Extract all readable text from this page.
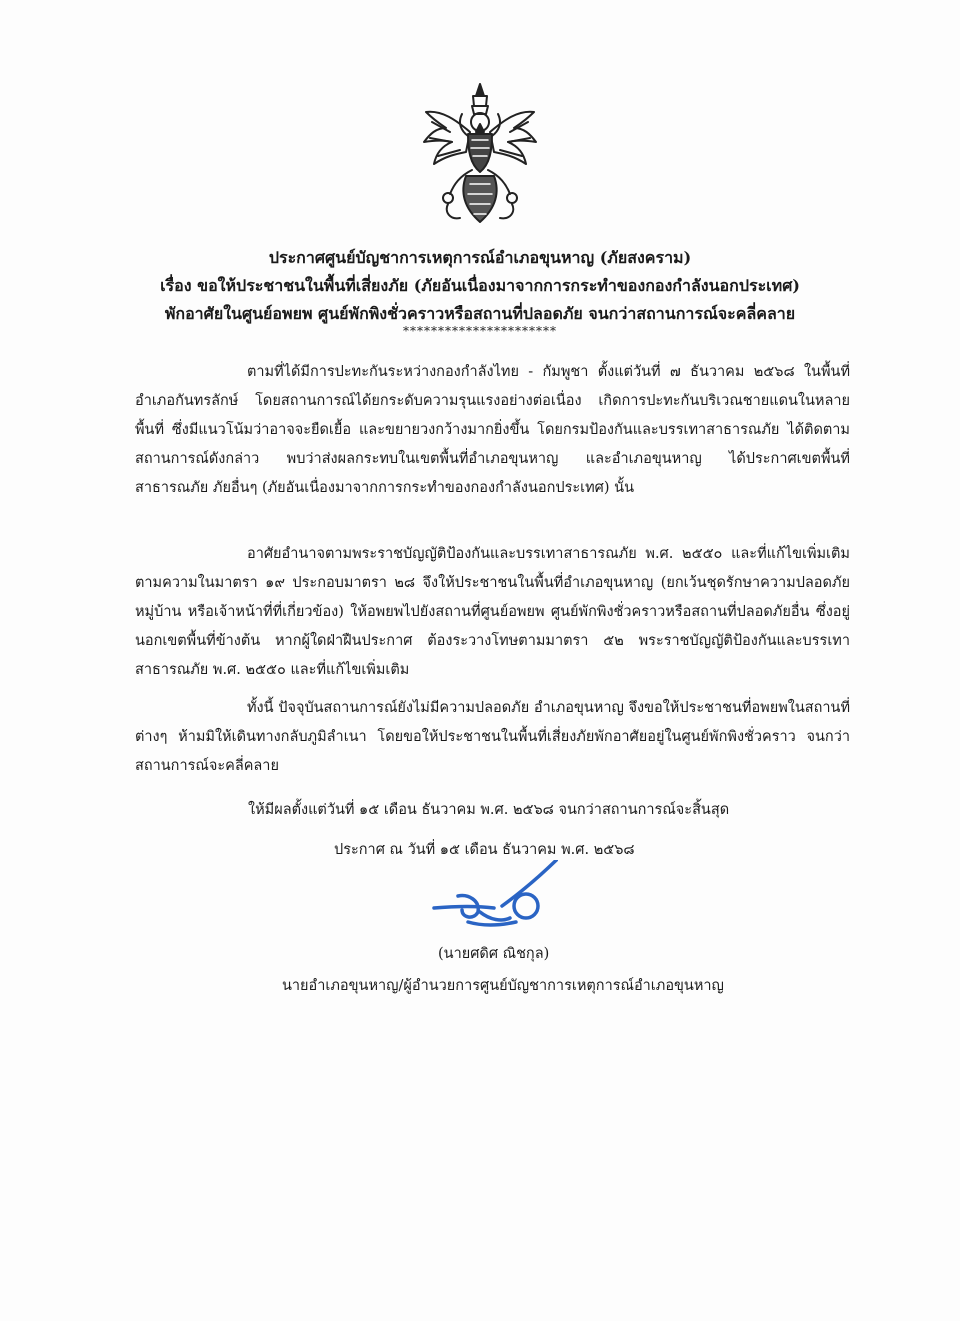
ประกาศศูนย์บัญชาการเหตุการณ์อำเภอขุนหาญ (ภัยสงคราม)
เรื่อง ขอให้ประชาชนในพื้นที่เสี่ยงภัย (ภัยอันเนื่องมาจากการกระทำของกองกำลังนอกประเทศ)
พักอาศัยในศูนย์อพยพ ศูนย์พักพิงชั่วคราวหรือสถานที่ปลอดภัย จนกว่าสถานการณ์จะคลี่คลาย
**********************
ตามที่ได้มีการปะทะกันระหว่างกองกำลังไทย - กัมพูชา ตั้งแต่วันที่ ๗ ธันวาคม ๒๕๖๘ ในพื้นที่อำเภอกันทรลักษ์ โดยสถานการณ์ได้ยกระดับความรุนแรงอย่างต่อเนื่อง เกิดการปะทะกันบริเวณชายแดนในหลายพื้นที่ ซึ่งมีแนวโน้มว่าอาจจะยืดเยื้อ และขยายวงกว้างมากยิ่งขึ้น โดยกรมป้องกันและบรรเทาสาธารณภัย ได้ติดตามสถานการณ์ดังกล่าว พบว่าส่งผลกระทบในเขตพื้นที่อำเภอขุนหาญ และอำเภอขุนหาญ ได้ประกาศเขตพื้นที่สาธารณภัย ภัยอื่นๆ (ภัยอันเนื่องมาจากการกระทำของกองกำลังนอกประเทศ) นั้น
อาศัยอำนาจตามพระราชบัญญัติป้องกันและบรรเทาสาธารณภัย พ.ศ. ๒๕๕๐ และที่แก้ไขเพิ่มเติม ตามความในมาตรา ๑๙ ประกอบมาตรา ๒๘ จึงให้ประชาชนในพื้นที่อำเภอขุนหาญ (ยกเว้นชุดรักษาความปลอดภัยหมู่บ้าน หรือเจ้าหน้าที่ที่เกี่ยวข้อง) ให้อพยพไปยังสถานที่ศูนย์อพยพ ศูนย์พักพิงชั่วคราวหรือสถานที่ปลอดภัยอื่น ซึ่งอยู่นอกเขตพื้นที่ข้างต้น หากผู้ใดฝ่าฝืนประกาศ ต้องระวางโทษตามมาตรา ๕๒ พระราชบัญญัติป้องกันและบรรเทาสาธารณภัย พ.ศ. ๒๕๕๐ และที่แก้ไขเพิ่มเติม
ทั้งนี้ ปัจจุบันสถานการณ์ยังไม่มีความปลอดภัย อำเภอขุนหาญ จึงขอให้ประชาชนที่อพยพในสถานที่ต่างๆ ห้ามมิให้เดินทางกลับภูมิลำเนา โดยขอให้ประชาชนในพื้นที่เสี่ยงภัยพักอาศัยอยู่ในศูนย์พักพิงชั่วคราว จนกว่าสถานการณ์จะคลี่คลาย
ให้มีผลตั้งแต่วันที่ ๑๕ เดือน ธันวาคม พ.ศ. ๒๕๖๘ จนกว่าสถานการณ์จะสิ้นสุด
ประกาศ ณ วันที่ ๑๕ เดือน ธันวาคม พ.ศ. ๒๕๖๘
(นายศดิศ ณิชกุล)
นายอำเภอขุนหาญ/ผู้อำนวยการศูนย์บัญชาการเหตุการณ์อำเภอขุนหาญ
